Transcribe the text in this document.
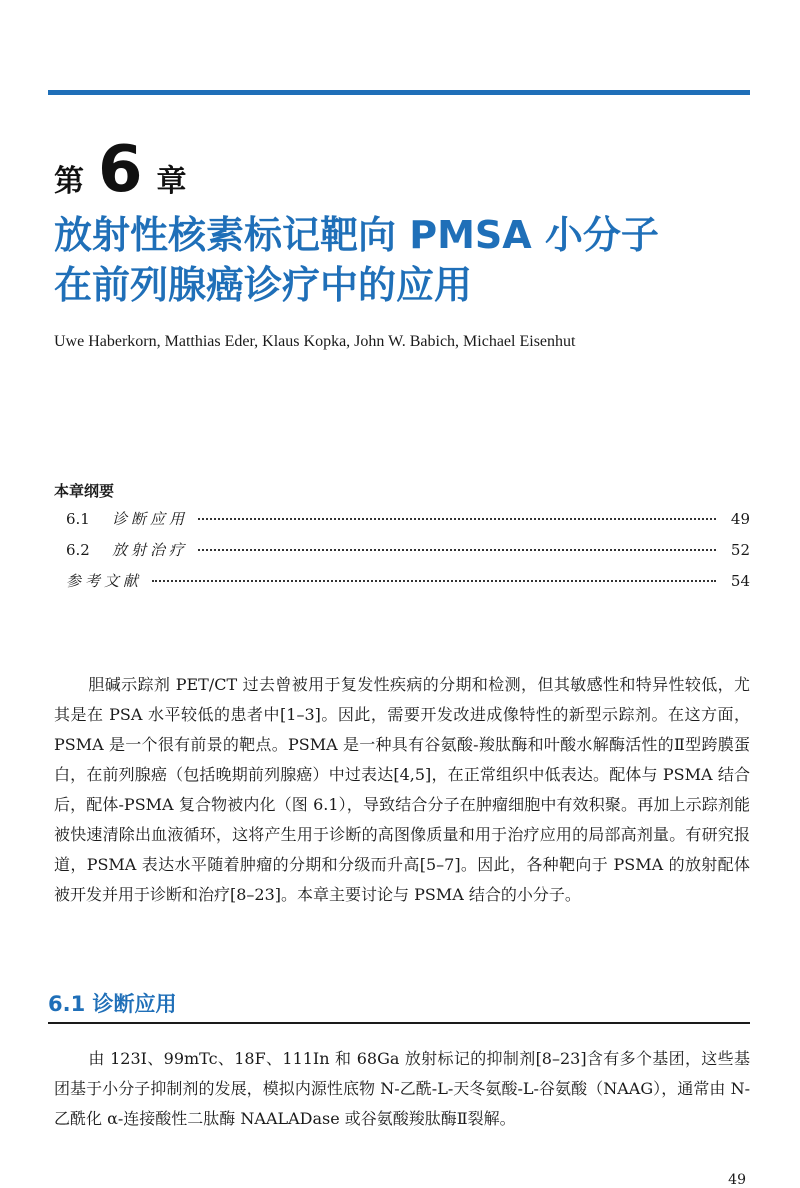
第 6 章
放射性核素标记靶向 PMSA 小分子
在前列腺癌诊疗中的应用
Uwe Haberkorn, Matthias Eder, Klaus Kopka, John W. Babich, Michael Eisenhut
本章纲要
6.1	诊断应用	49
6.2	放射治疗	52
参考文献	54

胆碱示踪剂 PET/CT 过去曾被用于复发性疾病的分期和检测，但其敏感性和特异性较低，尤其是在 PSA 水平较低的患者中[1–3]。因此，需要开发改进成像特性的新型示踪剂。在这方面，PSMA 是一个很有前景的靶点。PSMA 是一种具有谷氨酸-羧肽酶和叶酸水解酶活性的Ⅱ型跨膜蛋白，在前列腺癌（包括晚期前列腺癌）中过表达[4,5]，在正常组织中低表达。配体与 PSMA 结合后，配体-PSMA 复合物被内化（图 6.1），导致结合分子在肿瘤细胞中有效积聚。再加上示踪剂能被快速清除出血液循环，这将产生用于诊断的高图像质量和用于治疗应用的局部高剂量。有研究报道，PSMA 表达水平随着肿瘤的分期和分级而升高[5–7]。因此，各种靶向于 PSMA 的放射配体被开发并用于诊断和治疗[8–23]。本章主要讨论与 PSMA 结合的小分子。

6.1 诊断应用

由 123I、99mTc、18F、111In 和 68Ga 放射标记的抑制剂[8–23]含有多个基团，这些基团基于小分子抑制剂的发展，模拟内源性底物 N-乙酰-L-天冬氨酸-L-谷氨酸（NAAG），通常由 N-乙酰化 α-连接酸性二肽酶 NAALADase 或谷氨酸羧肽酶Ⅱ裂解。

49
